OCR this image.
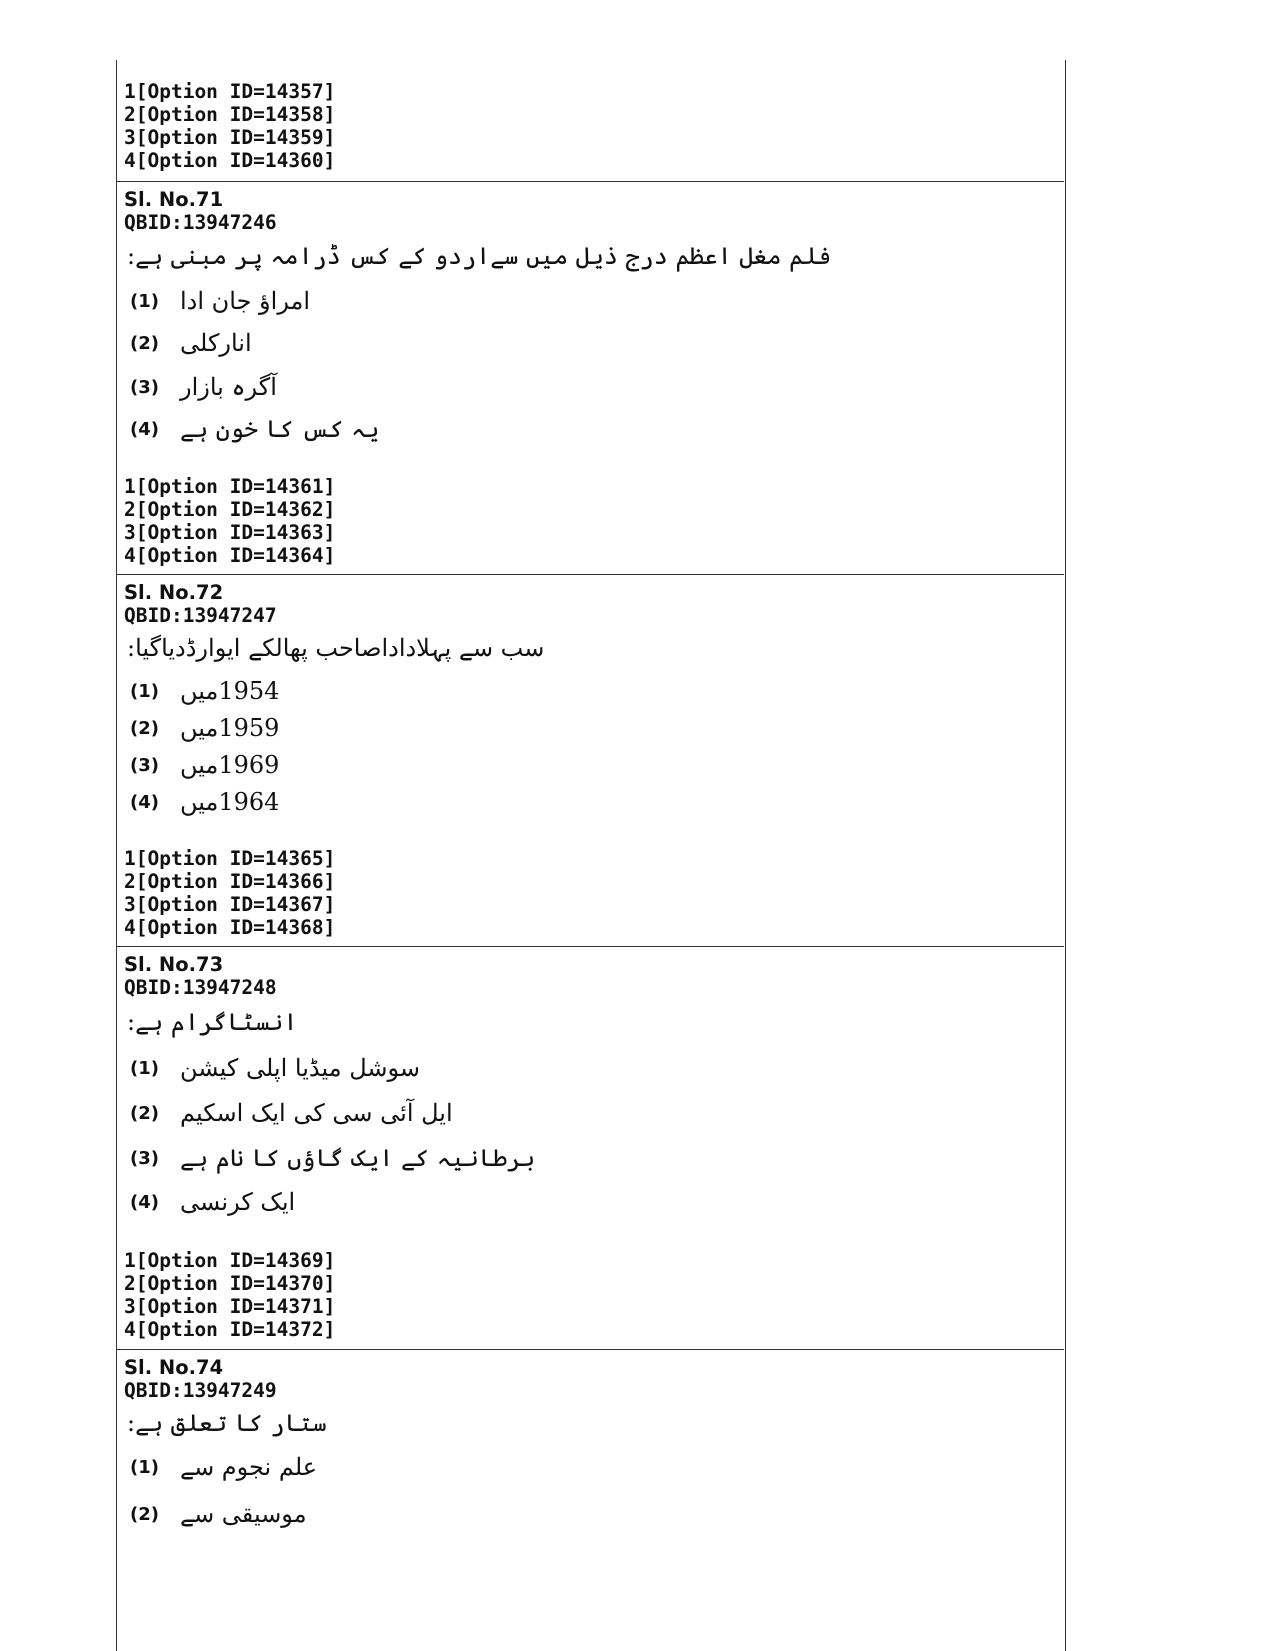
1[Option ID=14357]
2[Option ID=14358]
3[Option ID=14359]
4[Option ID=14360]
Sl. No.71
QBID:13947246
فلم مغل اعظم درج ذیل میں سےاردو کے کس ڈرامہ پر مبنی ہے:
(1) امراؤ جان ادا
(2) انارکلی
(3) آگرہ بازار
(4) یہ کس کا خون ہے
1[Option ID=14361]
2[Option ID=14362]
3[Option ID=14363]
4[Option ID=14364]
Sl. No.72
QBID:13947247
سب سے پہلاداداصاحب پھالکے ایوارڈدیاگیا:
(1) 1954میں
(2) 1959میں
(3) 1969میں
(4) 1964میں
1[Option ID=14365]
2[Option ID=14366]
3[Option ID=14367]
4[Option ID=14368]
Sl. No.73
QBID:13947248
انسٹاگرام ہے:
(1) سوشل میڈیا اپلی کیشن
(2) ایل آئی سی کی ایک اسکیم
(3) برطانیہ کے ایک گاؤں کا نام ہے
(4) ایک کرنسی
1[Option ID=14369]
2[Option ID=14370]
3[Option ID=14371]
4[Option ID=14372]
Sl. No.74
QBID:13947249
ستار کا تعلق ہے:
(1) علم نجوم سے
(2) موسیقی سے
